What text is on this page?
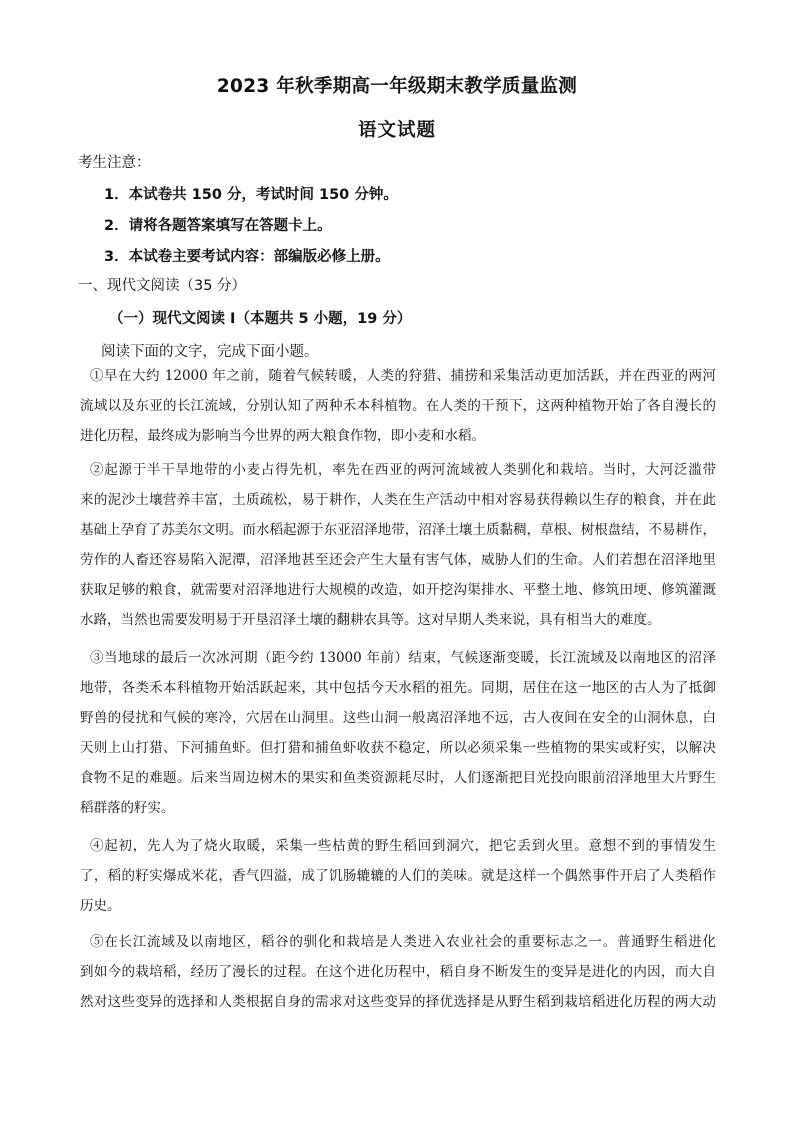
2023 年秋季期高一年级期末教学质量监测
语文试题

考生注意：

1．本试卷共 150 分，考试时间 150 分钟。

2．请将各题答案填写在答题卡上。

3．本试卷主要考试内容：部编版必修上册。

一、现代文阅读（35 分）

（一）现代文阅读 I（本题共 5 小题，19 分）

阅读下面的文字，完成下面小题。

①早在大约 12000 年之前，随着气候转暖，人类的狩猎、捕捞和采集活动更加活跃，并在西亚的两河
流域以及东亚的长江流域，分别认知了两种禾本科植物。在人类的干预下，这两种植物开始了各自漫长的
进化历程，最终成为影响当今世界的两大粮食作物，即小麦和水稻。
②起源于半干旱地带的小麦占得先机，率先在西亚的两河流域被人类驯化和栽培。当时，大河泛滥带
来的泥沙土壤营养丰富，土质疏松，易于耕作，人类在生产活动中相对容易获得赖以生存的粮食，并在此
基础上孕育了苏美尔文明。而水稻起源于东亚沼泽地带，沼泽土壤土质黏稠，草根、树根盘结，不易耕作，
劳作的人畜还容易陷入泥潭，沼泽地甚至还会产生大量有害气体，威胁人们的生命。人们若想在沼泽地里
获取足够的粮食，就需要对沼泽地进行大规模的改造，如开挖沟渠排水、平整土地、修筑田埂、修筑灌溉
水路，当然也需要发明易于开垦沼泽土壤的翻耕农具等。这对早期人类来说，具有相当大的难度。
③当地球的最后一次冰河期（距今约 13000 年前）结束，气候逐渐变暖，长江流域及以南地区的沼泽
地带，各类禾本科植物开始活跃起来，其中包括今天水稻的祖先。同期，居住在这一地区的古人为了抵御
野兽的侵扰和气候的寒冷，穴居在山洞里。这些山洞一般离沼泽地不远，古人夜间在安全的山洞休息，白
天则上山打猎、下河捕鱼虾。但打猎和捕鱼虾收获不稳定，所以必须采集一些植物的果实或籽实，以解决
食物不足的难题。后来当周边树木的果实和鱼类资源耗尽时，人们逐渐把目光投向眼前沼泽地里大片野生
稻群落的籽实。
④起初，先人为了烧火取暖，采集一些枯黄的野生稻回到洞穴，把它丢到火里。意想不到的事情发生
了，稻的籽实爆成米花，香气四溢，成了饥肠辘辘的人们的美味。就是这样一个偶然事件开启了人类稻作
历史。
⑤在长江流域及以南地区，稻谷的驯化和栽培是人类进入农业社会的重要标志之一。普通野生稻进化
到如今的栽培稻，经历了漫长的过程。在这个进化历程中，稻自身不断发生的变异是进化的内因，而大自
然对这些变异的选择和人类根据自身的需求对这些变异的择优选择是从野生稻到栽培稻进化历程的两大动
